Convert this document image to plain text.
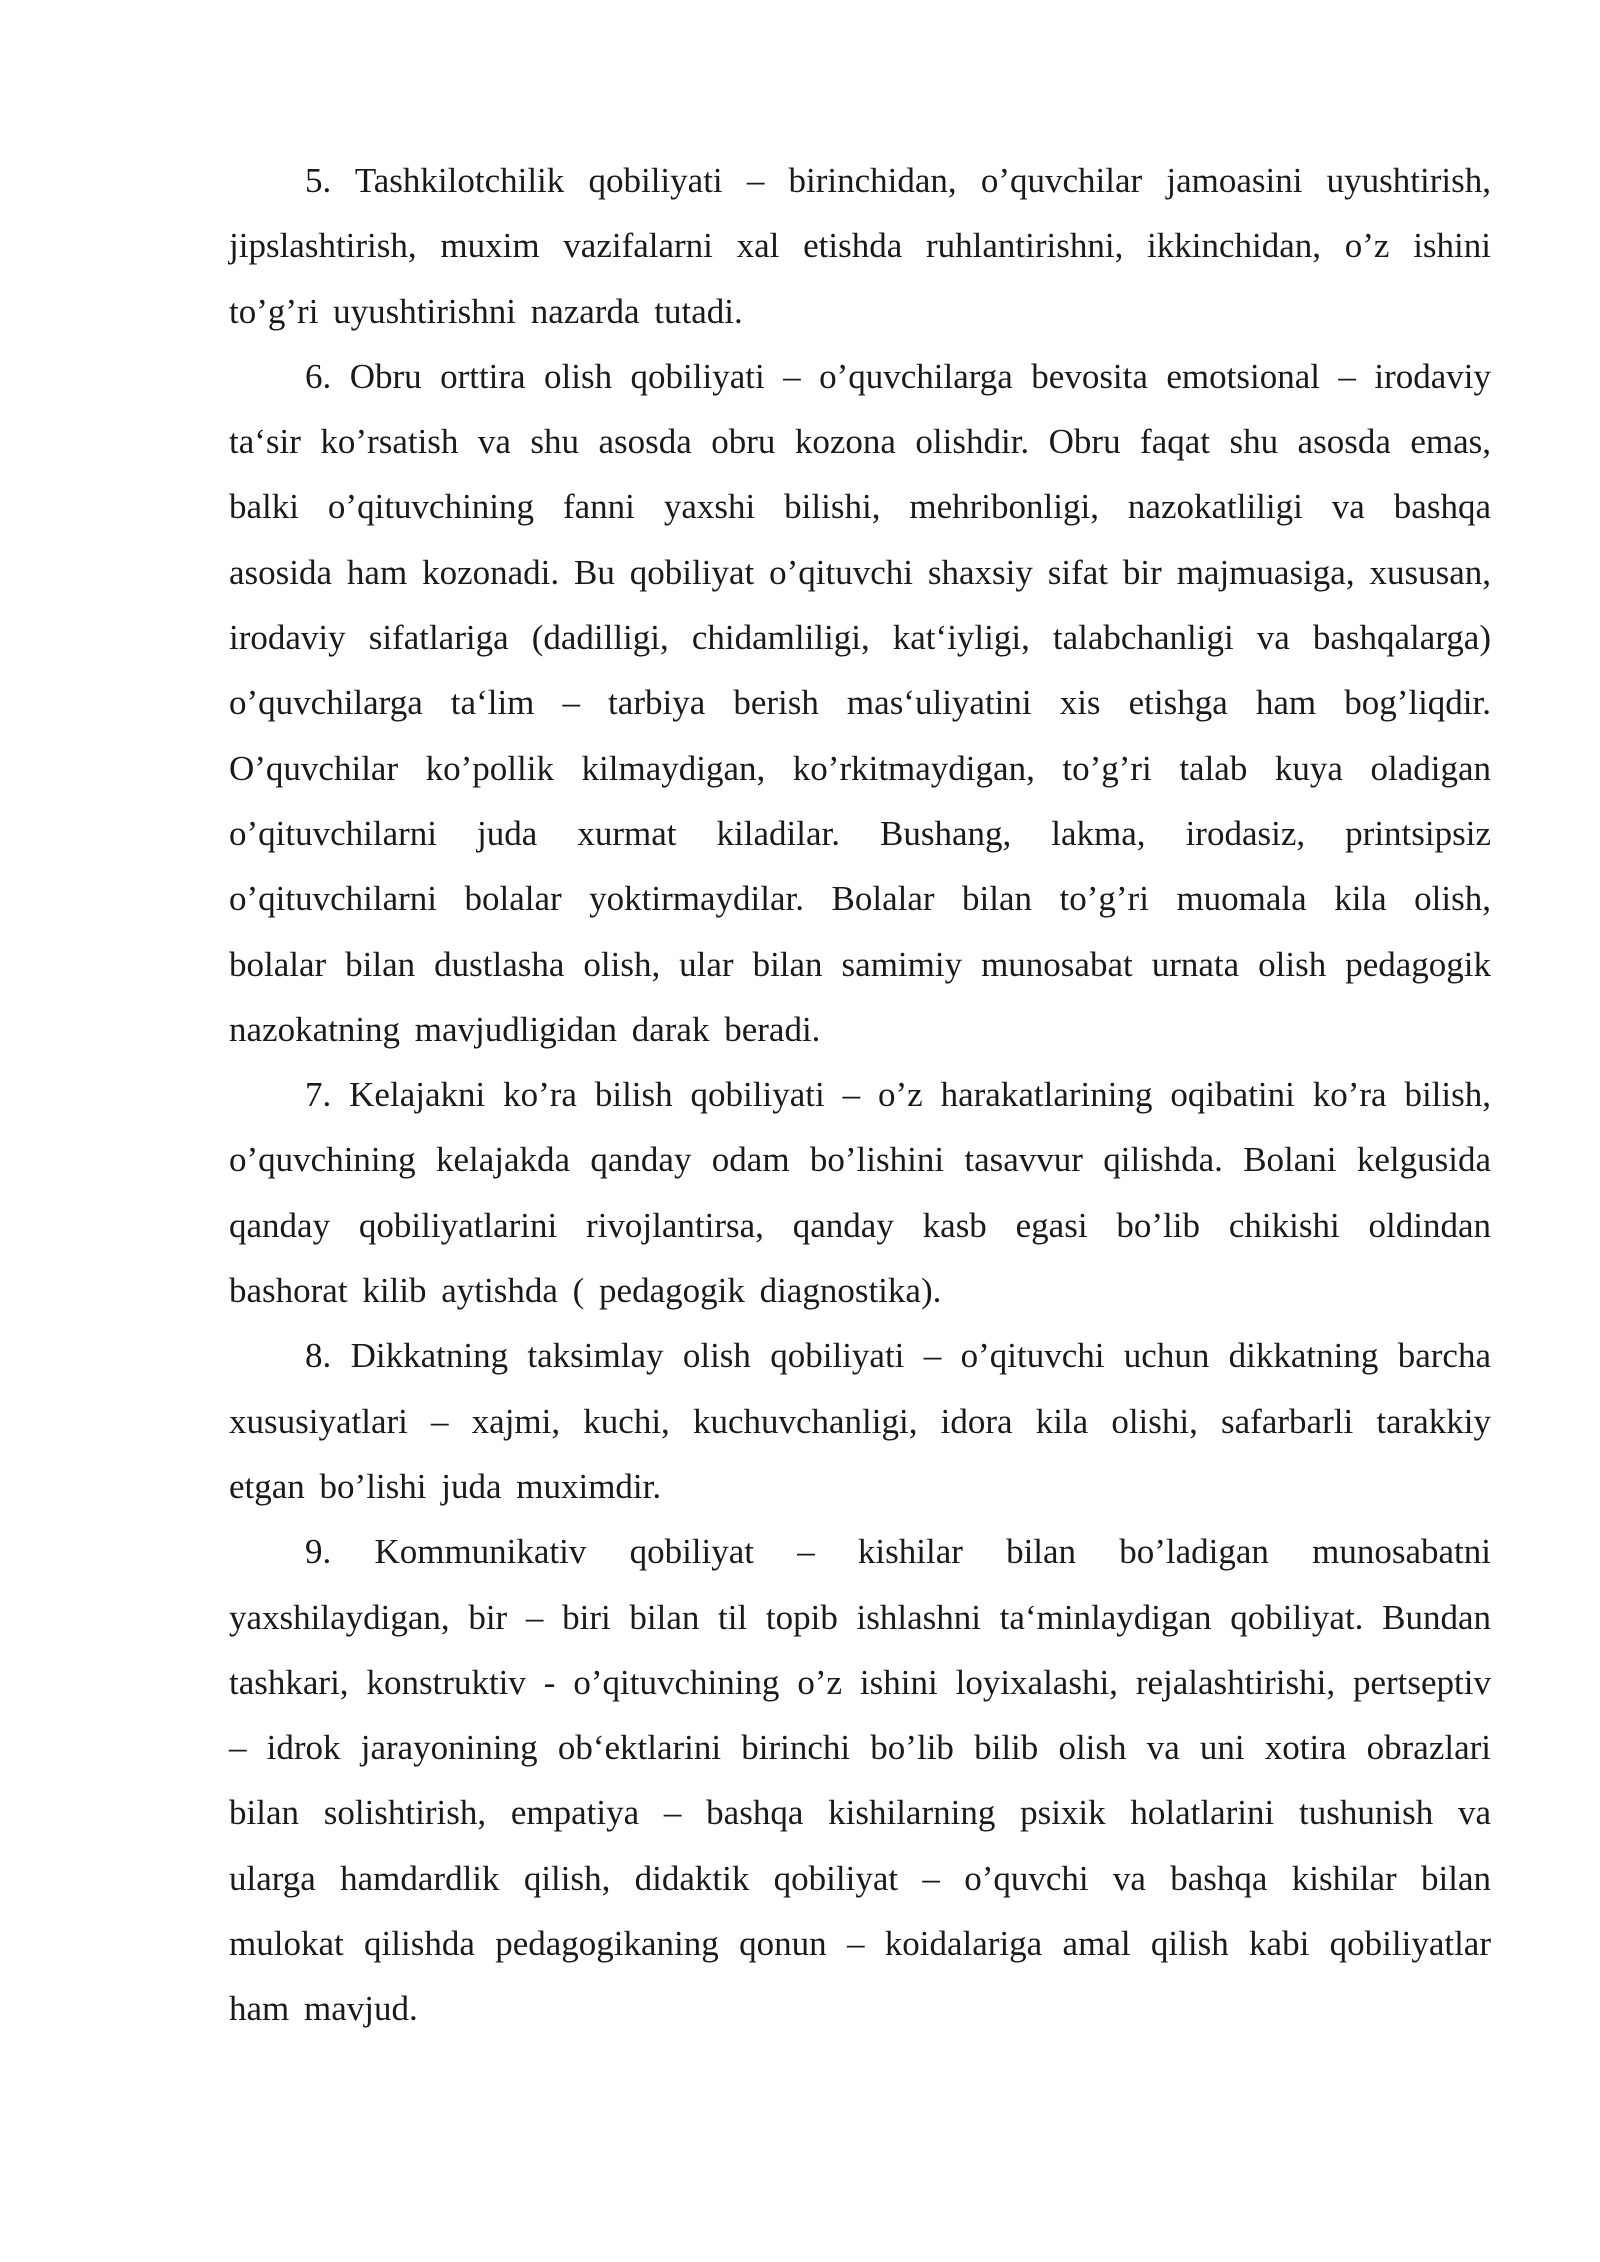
5. Tashkilotchilik qobiliyati – birinchidan, o’quvchilar jamoasini uyushtirish, jipslashtirish, muxim vazifalarni xal etishda ruhlantirishni, ikkinchidan, o’z ishini to’g’ri uyushtirishni nazarda tutadi.

6. Obru orttira olish qobiliyati – o’quvchilarga bevosita emotsional – irodaviy ta‘sir ko’rsatish va shu asosda obru kozona olishdir. Obru faqat shu asosda emas, balki o’qituvchining fanni yaxshi bilishi, mehribonligi, nazokatliligi va bashqa asosida ham kozonadi. Bu qobiliyat o’qituvchi shaxsiy sifat bir majmuasiga, xususan, irodaviy sifatlariga (dadilligi, chidamliligi, kat‘iyligi, talabchanligi va bashqalarga) o’quvchilarga ta‘lim – tarbiya berish mas‘uliyatini xis etishga ham bog’liqdir. O’quvchilar ko’pollik kilmaydigan, ko’rkitmaydigan, to’g’ri talab kuya oladigan o’qituvchilarni juda xurmat kiladilar. Bushang, lakma, irodasiz, printsipsiz o’qituvchilarni bolalar yoktirmaydilar. Bolalar bilan to’g’ri muomala kila olish, bolalar bilan dustlasha olish, ular bilan samimiy munosabat urnata olish pedagogik nazokatning mavjudligidan darak beradi.

7. Kelajakni ko’ra bilish qobiliyati – o’z harakatlarining oqibatini ko’ra bilish, o’quvchining kelajakda qanday odam bo’lishini tasavvur qilishda. Bolani kelgusida qanday qobiliyatlarini rivojlantirsa, qanday kasb egasi bo’lib chikishi oldindan bashorat kilib aytishda ( pedagogik diagnostika).

8. Dikkatning taksimlay olish qobiliyati – o’qituvchi uchun dikkatning barcha xususiyatlari – xajmi, kuchi, kuchuvchanligi, idora kila olishi, safarbarli tarakkiy etgan bo’lishi juda muximdir.

9. Kommunikativ qobiliyat – kishilar bilan bo’ladigan munosabatni yaxshilaydigan, bir – biri bilan til topib ishlashni ta‘minlaydigan qobiliyat. Bundan tashkari, konstruktiv - o’qituvchining o’z ishini loyixalashi, rejalashtirishi, pertseptiv – idrok jarayonining ob‘ektlarini birinchi bo’lib bilib olish va uni xotira obrazlari bilan solishtirish, empatiya – bashqa kishilarning psixik holatlarini tushunish va ularga hamdardlik qilish, didaktik qobiliyat – o’quvchi va bashqa kishilar bilan mulokat qilishda pedagogikaning qonun – koidalariga amal qilish kabi qobiliyatlar ham mavjud.
